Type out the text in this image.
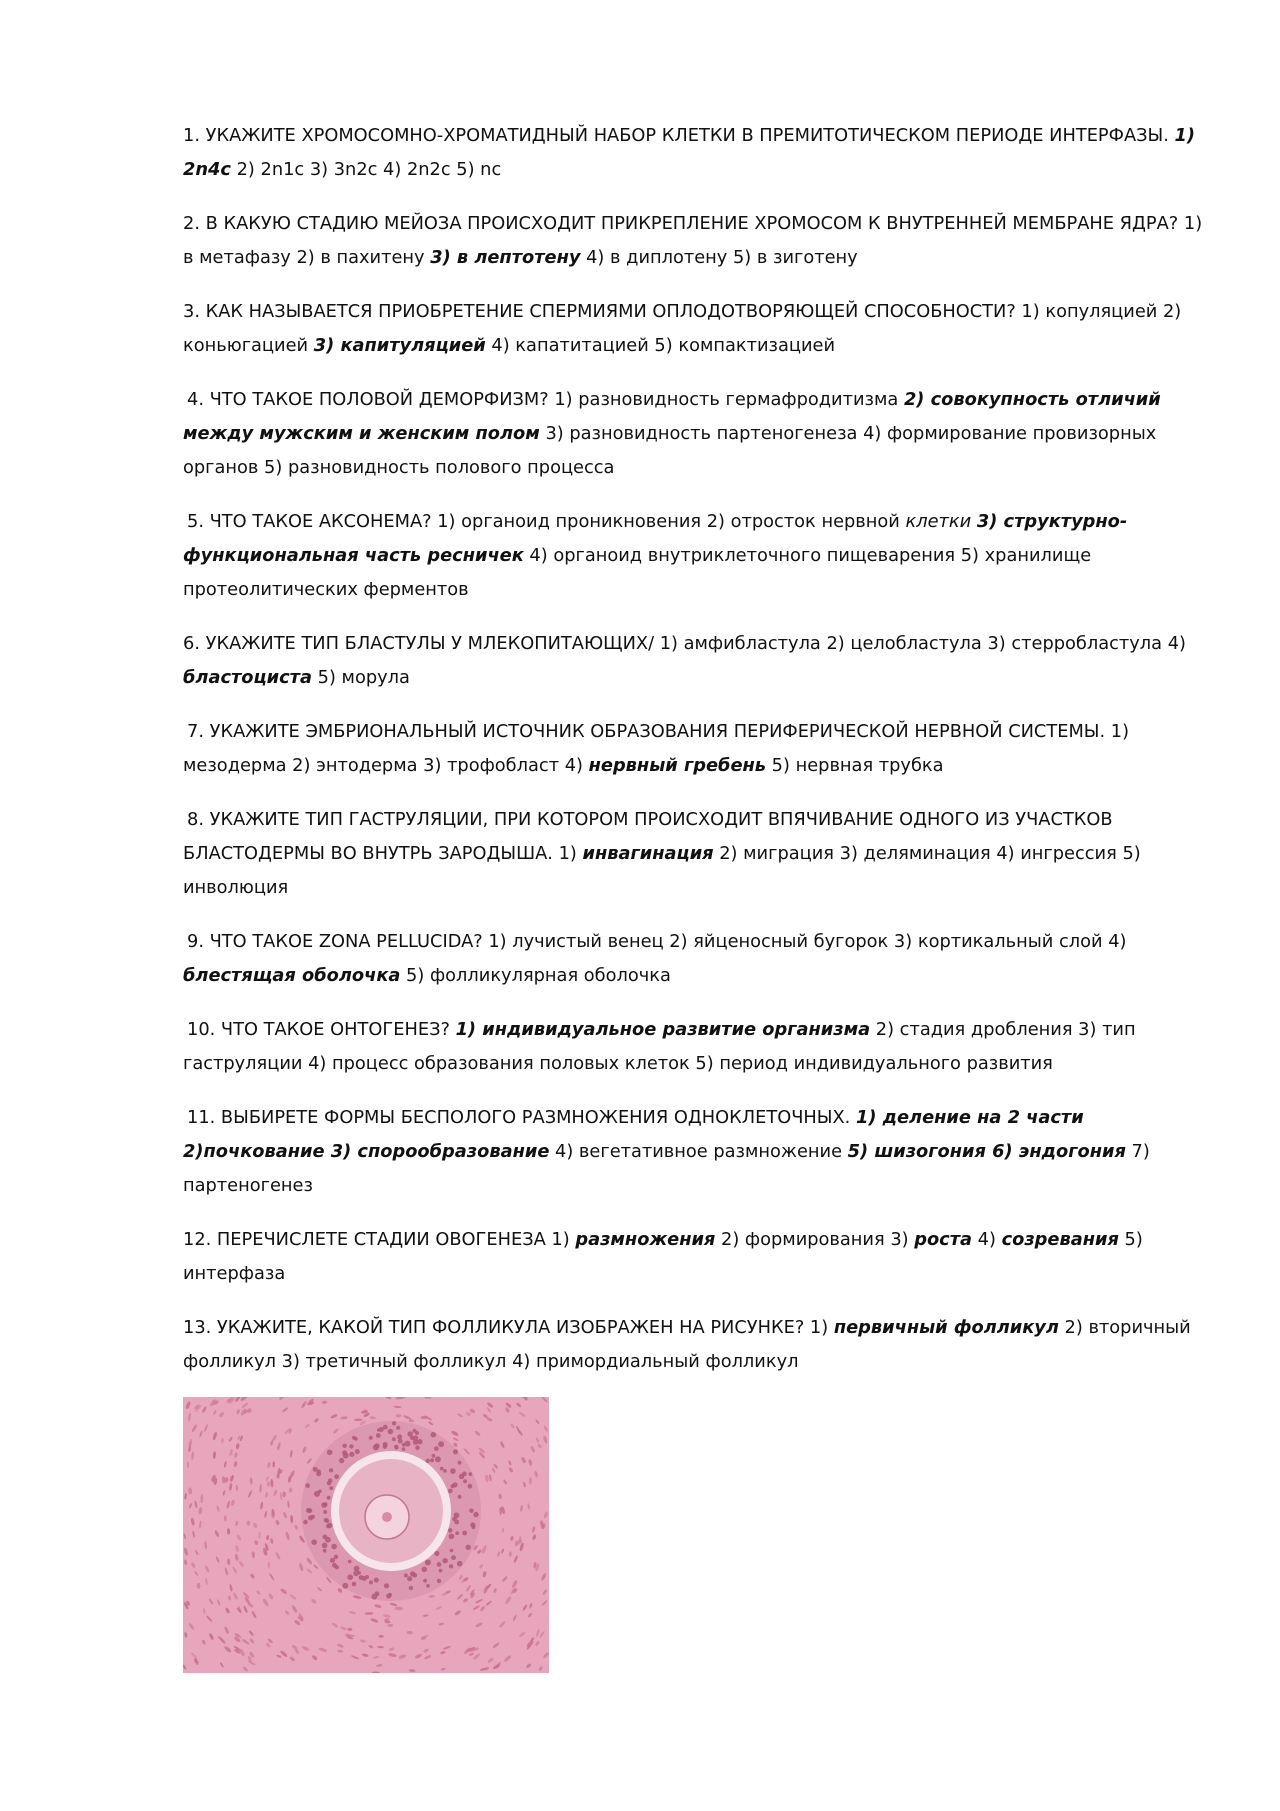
1. УКАЖИТЕ ХРОМОСОМНО-ХРОМАТИДНЫЙ НАБОР КЛЕТКИ В ПРЕМИТОТИЧЕСКОМ ПЕРИОДЕ ИНТЕРФАЗЫ. 1) 2n4c 2) 2n1c 3) 3n2c 4) 2n2c 5) nc

2. В КАКУЮ СТАДИЮ МЕЙОЗА ПРОИСХОДИТ ПРИКРЕПЛЕНИЕ ХРОМОСОМ К ВНУТРЕННЕЙ МЕМБРАНЕ ЯДРА? 1) в метафазу 2) в пахитену 3) в лептотену 4) в диплотену 5) в зиготену

3. КАК НАЗЫВАЕТСЯ ПРИОБРЕТЕНИЕ СПЕРМИЯМИ ОПЛОДОТВОРЯЮЩЕЙ СПОСОБНОСТИ? 1) копуляцией 2) коньюгацией 3) капитуляцией 4) капатитацией 5) компактизацией

4. ЧТО ТАКОЕ ПОЛОВОЙ ДЕМОРФИЗМ? 1) разновидность гермафродитизма 2) совокупность отличий между мужским и женским полом 3) разновидность партеногенеза 4) формирование провизорных органов 5) разновидность полового процесса

5. ЧТО ТАКОЕ АКСОНЕМА? 1) органоид проникновения 2) отросток нервной клетки 3) структурно-функциональная часть ресничек 4) органоид внутриклеточного пищеварения 5) хранилище протеолитических ферментов

6. УКАЖИТЕ ТИП БЛАСТУЛЫ У МЛЕКОПИТАЮЩИХ/ 1) амфибластула 2) целобластула 3) стерробластула 4) бластоциста 5) морула

7. УКАЖИТЕ ЭМБРИОНАЛЬНЫЙ ИСТОЧНИК ОБРАЗОВАНИЯ ПЕРИФЕРИЧЕСКОЙ НЕРВНОЙ СИСТЕМЫ. 1) мезодерма 2) энтодерма 3) трофобласт 4) нервный гребень 5) нервная трубка

8. УКАЖИТЕ ТИП ГАСТРУЛЯЦИИ, ПРИ КОТОРОМ ПРОИСХОДИТ ВПЯЧИВАНИЕ ОДНОГО ИЗ УЧАСТКОВ БЛАСТОДЕРМЫ ВО ВНУТРЬ ЗАРОДЫША. 1) инвагинация 2) миграция 3) деляминация 4) ингрессия 5) инволюция

9. ЧТО ТАКОЕ ZONA PELLUCIDA? 1) лучистый венец 2) яйценосный бугорок 3) кортикальный слой 4) блестящая оболочка 5) фолликулярная оболочка

10. ЧТО ТАКОЕ ОНТОГЕНЕЗ? 1) индивидуальное развитие организма 2) стадия дробления 3) тип гаструляции 4) процесс образования половых клеток 5) период индивидуального развития

11. ВЫБИРЕТЕ ФОРМЫ БЕСПОЛОГО РАЗМНОЖЕНИЯ ОДНОКЛЕТОЧНЫХ. 1) деление на 2 части 2)почкование 3) спорообразование 4) вегетативное размножение 5) шизогония 6) эндогония 7) партеногенез

12. ПЕРЕЧИСЛЕТЕ СТАДИИ ОВОГЕНЕЗА 1) размножения 2) формирования 3) роста 4) созревания 5) интерфаза

13. УКАЖИТЕ, КАКОЙ ТИП ФОЛЛИКУЛА ИЗОБРАЖЕН НА РИСУНКЕ? 1) первичный фолликул 2) вторичный фолликул 3) третичный фолликул 4) примордиальный фолликул
